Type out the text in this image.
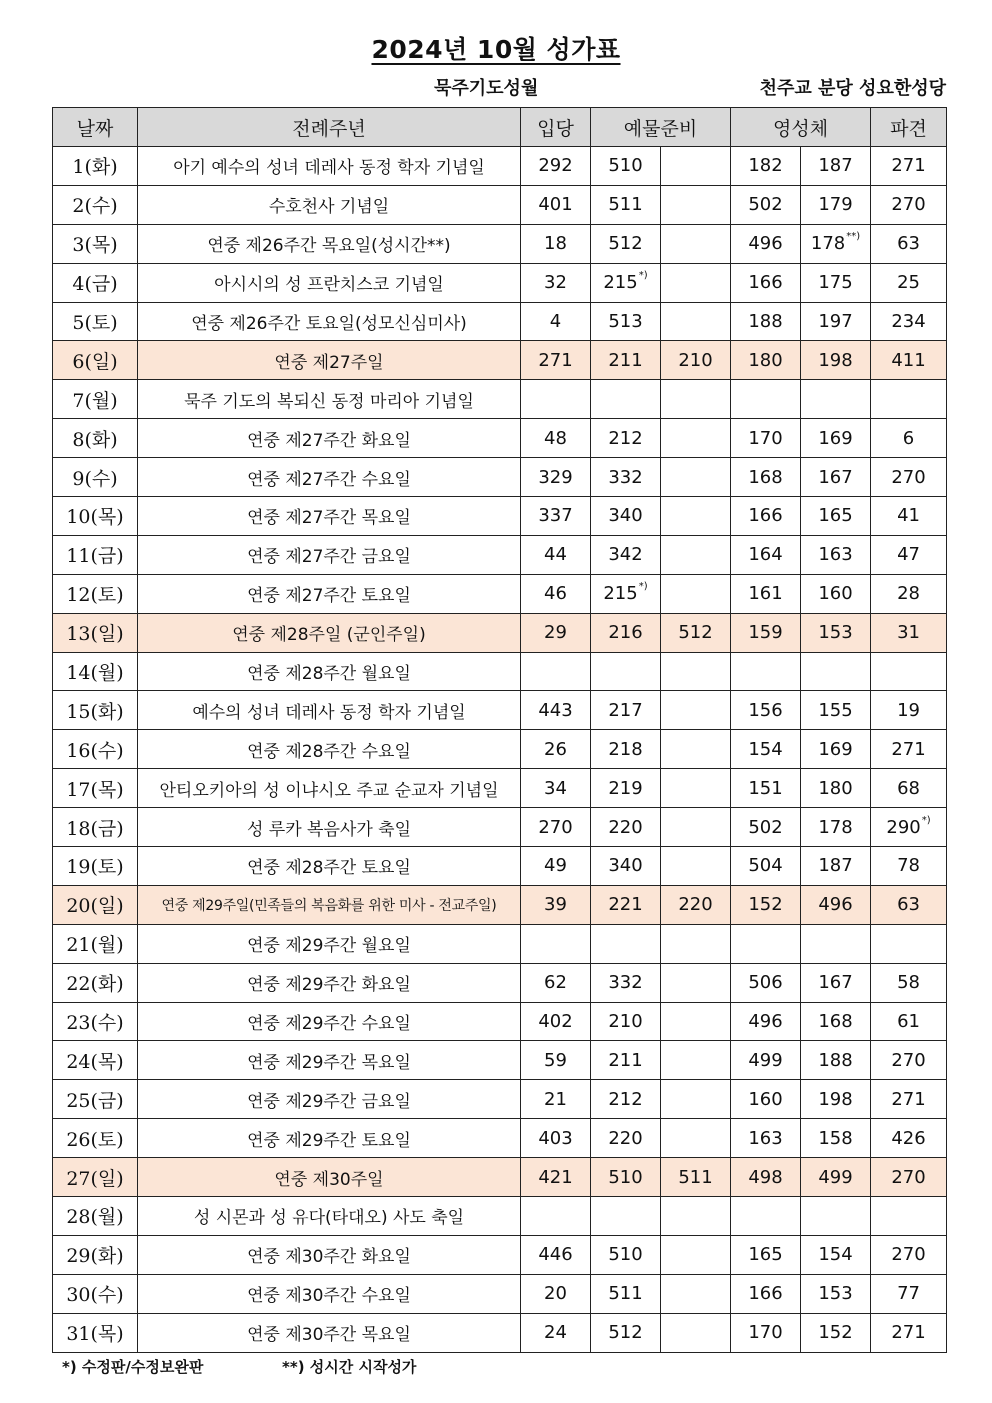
2024년 10월 성가표
묵주기도성월	천주교 분당 성요한성당
날짜	전례주년	입당	예물준비		영성체		파견
1(화)	아기 예수의 성녀 데레사 동정 학자 기념일	292	510		182	187	271
2(수)	수호천사 기념일	401	511		502	179	270
3(목)	연중 제26주간 목요일(성시간**)	18	512		496	178**)	63
4(금)	아시시의 성 프란치스코 기념일	32	215*)		166	175	25
5(토)	연중 제26주간 토요일(성모신심미사)	4	513		188	197	234
6(일)	연중 제27주일	271	211	210	180	198	411
7(월)	묵주 기도의 복되신 동정 마리아 기념일						
8(화)	연중 제27주간 화요일	48	212		170	169	6
9(수)	연중 제27주간 수요일	329	332		168	167	270
10(목)	연중 제27주간 목요일	337	340		166	165	41
11(금)	연중 제27주간 금요일	44	342		164	163	47
12(토)	연중 제27주간 토요일	46	215*)		161	160	28
13(일)	연중 제28주일 (군인주일)	29	216	512	159	153	31
14(월)	연중 제28주간 월요일						
15(화)	예수의 성녀 데레사 동정 학자 기념일	443	217		156	155	19
16(수)	연중 제28주간 수요일	26	218		154	169	271
17(목)	안티오키아의 성 이냐시오 주교 순교자 기념일	34	219		151	180	68
18(금)	성 루카 복음사가 축일	270	220		502	178	290*)
19(토)	연중 제28주간 토요일	49	340		504	187	78
20(일)	연중 제29주일(민족들의 복음화를 위한 미사 - 전교주일)	39	221	220	152	496	63
21(월)	연중 제29주간 월요일						
22(화)	연중 제29주간 화요일	62	332		506	167	58
23(수)	연중 제29주간 수요일	402	210		496	168	61
24(목)	연중 제29주간 목요일	59	211		499	188	270
25(금)	연중 제29주간 금요일	21	212		160	198	271
26(토)	연중 제29주간 토요일	403	220		163	158	426
27(일)	연중 제30주일	421	510	511	498	499	270
28(월)	성 시몬과 성 유다(타대오) 사도 축일						
29(화)	연중 제30주간 화요일	446	510		165	154	270
30(수)	연중 제30주간 수요일	20	511		166	153	77
31(목)	연중 제30주간 목요일	24	512		170	152	271
*) 수정판/수정보완판	**) 성시간 시작성가
